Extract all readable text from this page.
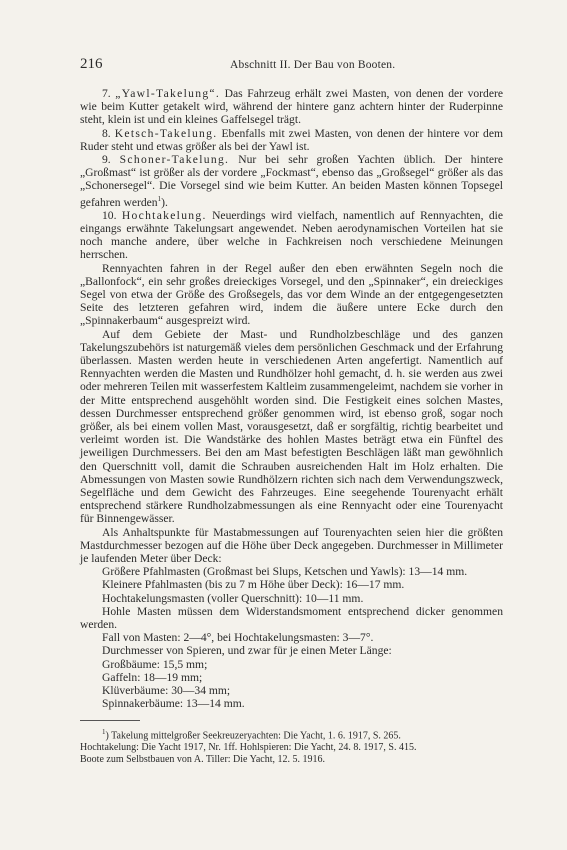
216	Abschnitt II. Der Bau von Booten.

7. „Yawl-Takelung“. Das Fahrzeug erhält zwei Masten, von denen der vordere wie beim Kutter getakelt wird, während der hintere ganz achtern hinter der Ruderpinne steht, klein ist und ein kleines Gaffelsegel trägt.

8. Ketsch-Takelung. Ebenfalls mit zwei Masten, von denen der hintere vor dem Ruder steht und etwas größer als bei der Yawl ist.

9. Schoner-Takelung. Nur bei sehr großen Yachten üblich. Der hintere „Großmast“ ist größer als der vordere „Fockmast“, ebenso das „Großsegel“ größer als das „Schonersegel“. Die Vorsegel sind wie beim Kutter. An beiden Masten können Topsegel gefahren werden$^1$).

10. Hochtakelung. Neuerdings wird vielfach, namentlich auf Rennyachten, die eingangs erwähnte Takelungsart angewendet. Neben aerodynamischen Vorteilen hat sie noch manche andere, über welche in Fachkreisen noch verschiedene Meinungen herrschen.

Rennyachten fahren in der Regel außer den eben erwähnten Segeln noch die „Ballonfock“, ein sehr großes dreieckiges Vorsegel, und den „Spinnaker“, ein dreieckiges Segel von etwa der Größe des Großsegels, das vor dem Winde an der entgegengesetzten Seite des letzteren gefahren wird, indem die äußere untere Ecke durch den „Spinnakerbaum“ ausgespreizt wird.

Auf dem Gebiete der Mast- und Rundholzbeschläge und des ganzen Takelungszubehörs ist naturgemäß vieles dem persönlichen Geschmack und der Erfahrung überlassen. Masten werden heute in verschiedenen Arten angefertigt. Namentlich auf Rennyachten werden die Masten und Rundhölzer hohl gemacht, d. h. sie werden aus zwei oder mehreren Teilen mit wasserfestem Kaltleim zusammengeleimt, nachdem sie vorher in der Mitte entsprechend ausgehöhlt worden sind. Die Festigkeit eines solchen Mastes, dessen Durchmesser entsprechend größer genommen wird, ist ebenso groß, sogar noch größer, als bei einem vollen Mast, vorausgesetzt, daß er sorgfältig, richtig bearbeitet und verleimt worden ist. Die Wandstärke des hohlen Mastes beträgt etwa ein Fünftel des jeweiligen Durchmessers. Bei den am Mast befestigten Beschlägen läßt man gewöhnlich den Querschnitt voll, damit die Schrauben ausreichenden Halt im Holz erhalten. Die Abmessungen von Masten sowie Rundhölzern richten sich nach dem Verwendungszweck, Segelfläche und dem Gewicht des Fahrzeuges. Eine seegehende Tourenyacht erhält entsprechend stärkere Rundholzabmessungen als eine Rennyacht oder eine Tourenyacht für Binnengewässer.

Als Anhaltspunkte für Mastabmessungen auf Tourenyachten seien hier die größten Mastdurchmesser bezogen auf die Höhe über Deck angegeben. Durchmesser in Millimeter je laufenden Meter über Deck:

Größere Pfahlmasten (Großmast bei Slups, Ketschen und Yawls): 13—14 mm.

Kleinere Pfahlmasten (bis zu 7 m Höhe über Deck): 16—17 mm.

Hochtakelungsmasten (voller Querschnitt): 10—11 mm.

Hohle Masten müssen dem Widerstandsmoment entsprechend dicker genommen werden.

Fall von Masten: 2—4°, bei Hochtakelungsmasten: 3—7°.

Durchmesser von Spieren, und zwar für je einen Meter Länge:

Großbäume: 15,5 mm;

Gaffeln: 18—19 mm;

Klüverbäume: 30—34 mm;

Spinnakerbäume: 13—14 mm.

$^1$) Takelung mittelgroßer Seekreuzeryachten: Die Yacht, 1. 6. 1917, S. 265.

Hochtakelung: Die Yacht 1917, Nr. 1ff. Hohlspieren: Die Yacht, 24. 8. 1917, S. 415.

Boote zum Selbstbauen von A. Tiller: Die Yacht, 12. 5. 1916.
